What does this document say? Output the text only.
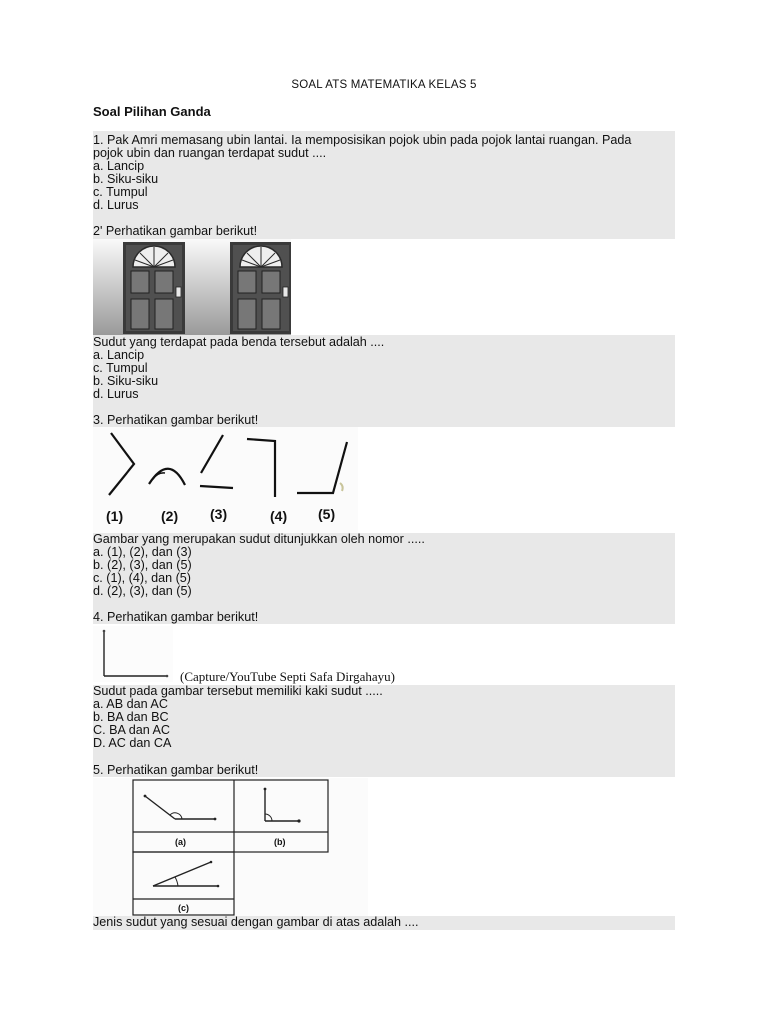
SOAL ATS MATEMATIKA KELAS 5
Soal Pilihan Ganda
1. Pak Amri memasang ubin lantai. Ia memposisikan pojok ubin pada pojok lantai ruangan. Pada
pojok ubin dan ruangan terdapat sudut ....
a. Lancip
b. Siku-siku
c. Tumpul
d. Lurus
2' Perhatikan gambar berikut!
Sudut yang terdapat pada benda tersebut adalah ....
a. Lancip
c. Tumpul
b. Siku-siku
d. Lurus
3. Perhatikan gambar berikut!
(1)	(2) (3)	(4) (5)
Gambar yang merupakan sudut ditunjukkan oleh nomor .....
a. (1), (2), dan (3)
b. (2), (3), dan (5)
c. (1), (4), dan (5)
d. (2), (3), dan (5)
4. Perhatikan gambar berikut!
(Capture/YouTube Septi Safa Dirgahayu)
Sudut pada gambar tersebut memiliki kaki sudut .....
a. AB dan AC
b. BA dan BC
C. BA dan AC
D. AC dan CA
5. Perhatikan gambar berikut!
(a)	(b)
(c)
Jenis sudut yang sesuai dengan gambar di atas adalah ....
